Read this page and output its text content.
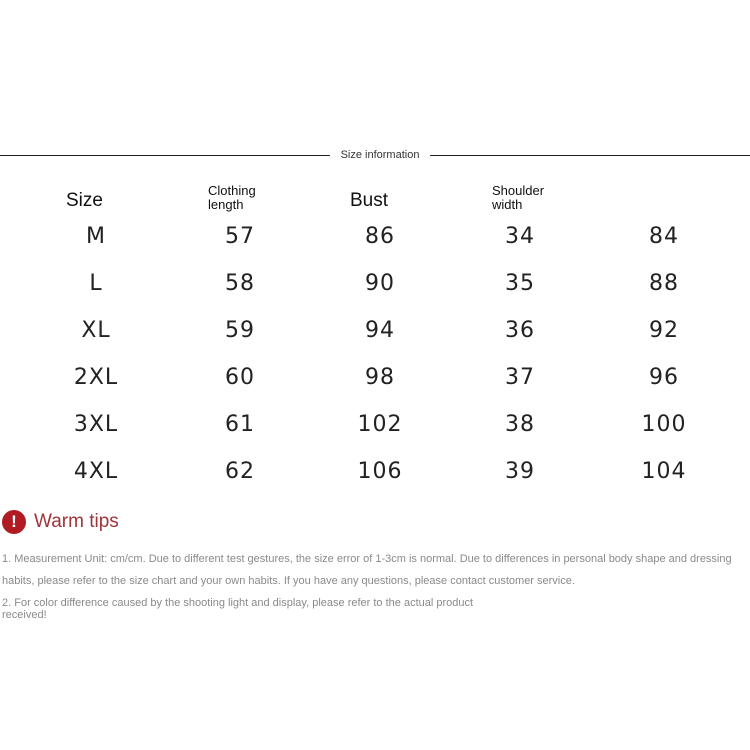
Size information
Size	Clothing length	Bust	Shoulder width
M	57	86	34	84
L	58	90	35	88
XL	59	94	36	92
2XL	60	98	37	96
3XL	61	102	38	100
4XL	62	106	39	104
! Warm tips
1. Measurement Unit: cm/cm. Due to different test gestures, the size error of 1-3cm is normal. Due to differences in personal body shape and dressing habits, please refer to the size chart and your own habits. If you have any questions, please contact customer service.
2. For color difference caused by the shooting light and display, please refer to the actual product received!
